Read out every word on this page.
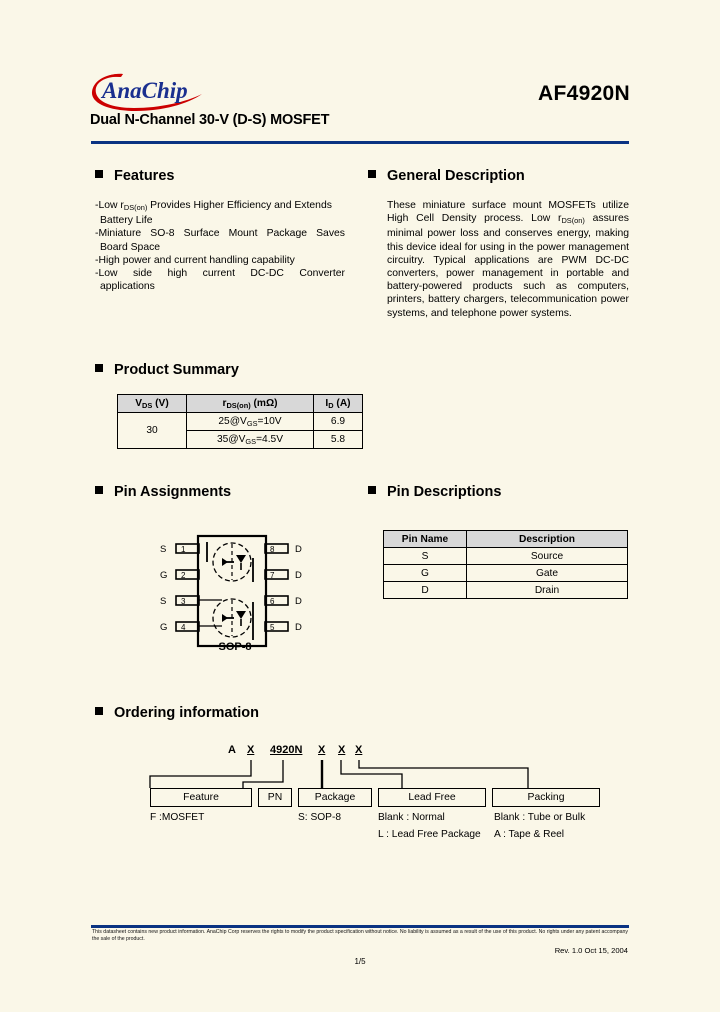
AnaChip	AF4920N
Dual N-Channel 30-V (D-S) MOSFET
Features
-Low $r_{DS(on)}$ Provides Higher Efficiency and Extends
Battery Life
-Miniature SO-8 Surface Mount Package Saves
Board Space
-High power and current handling capability
-Low side high current DC-DC Converter
applications
General Description
These miniature surface mount MOSFETs utilize High Cell Density process. Low $r_{DS(on)}$ assures minimal power loss and conserves energy, making this device ideal for using in the power management circuitry. Typical applications are PWM DC-DC converters, power management in portable and battery-powered products such as computers, printers, battery chargers, telecommunication power systems, and telephone power systems.
Product Summary
$V_{DS}$ (V)	$r_{DS(on)}$ (mΩ)	$I_D$ (A)
30	$25@V_{GS}=10V$	6.9
	$35@V_{GS}=4.5V$	5.8
Pin Assignments
1
2
3
4
8
7
6
5
S
G
S
G
D
D
D
D
SOP-8
Pin Descriptions
Pin Name	Description
S	Source
G	Gate
D	Drain
Ordering information
A X 4920N X X X
Feature	PN	Package	Lead Free	Packing
F :MOSFET	S: SOP-8	Blank : Normal
L : Lead Free Package
Blank : Tube or Bulk
A : Tape & Reel
This datasheet contains new product information. AnaChip Corp reserves the rights to modify the product specification without notice. No liability is assumed as a result of the use of this product. No rights under any patent accompany the sale of the product.
Rev. 1.0 Oct 15, 2004
1/5
